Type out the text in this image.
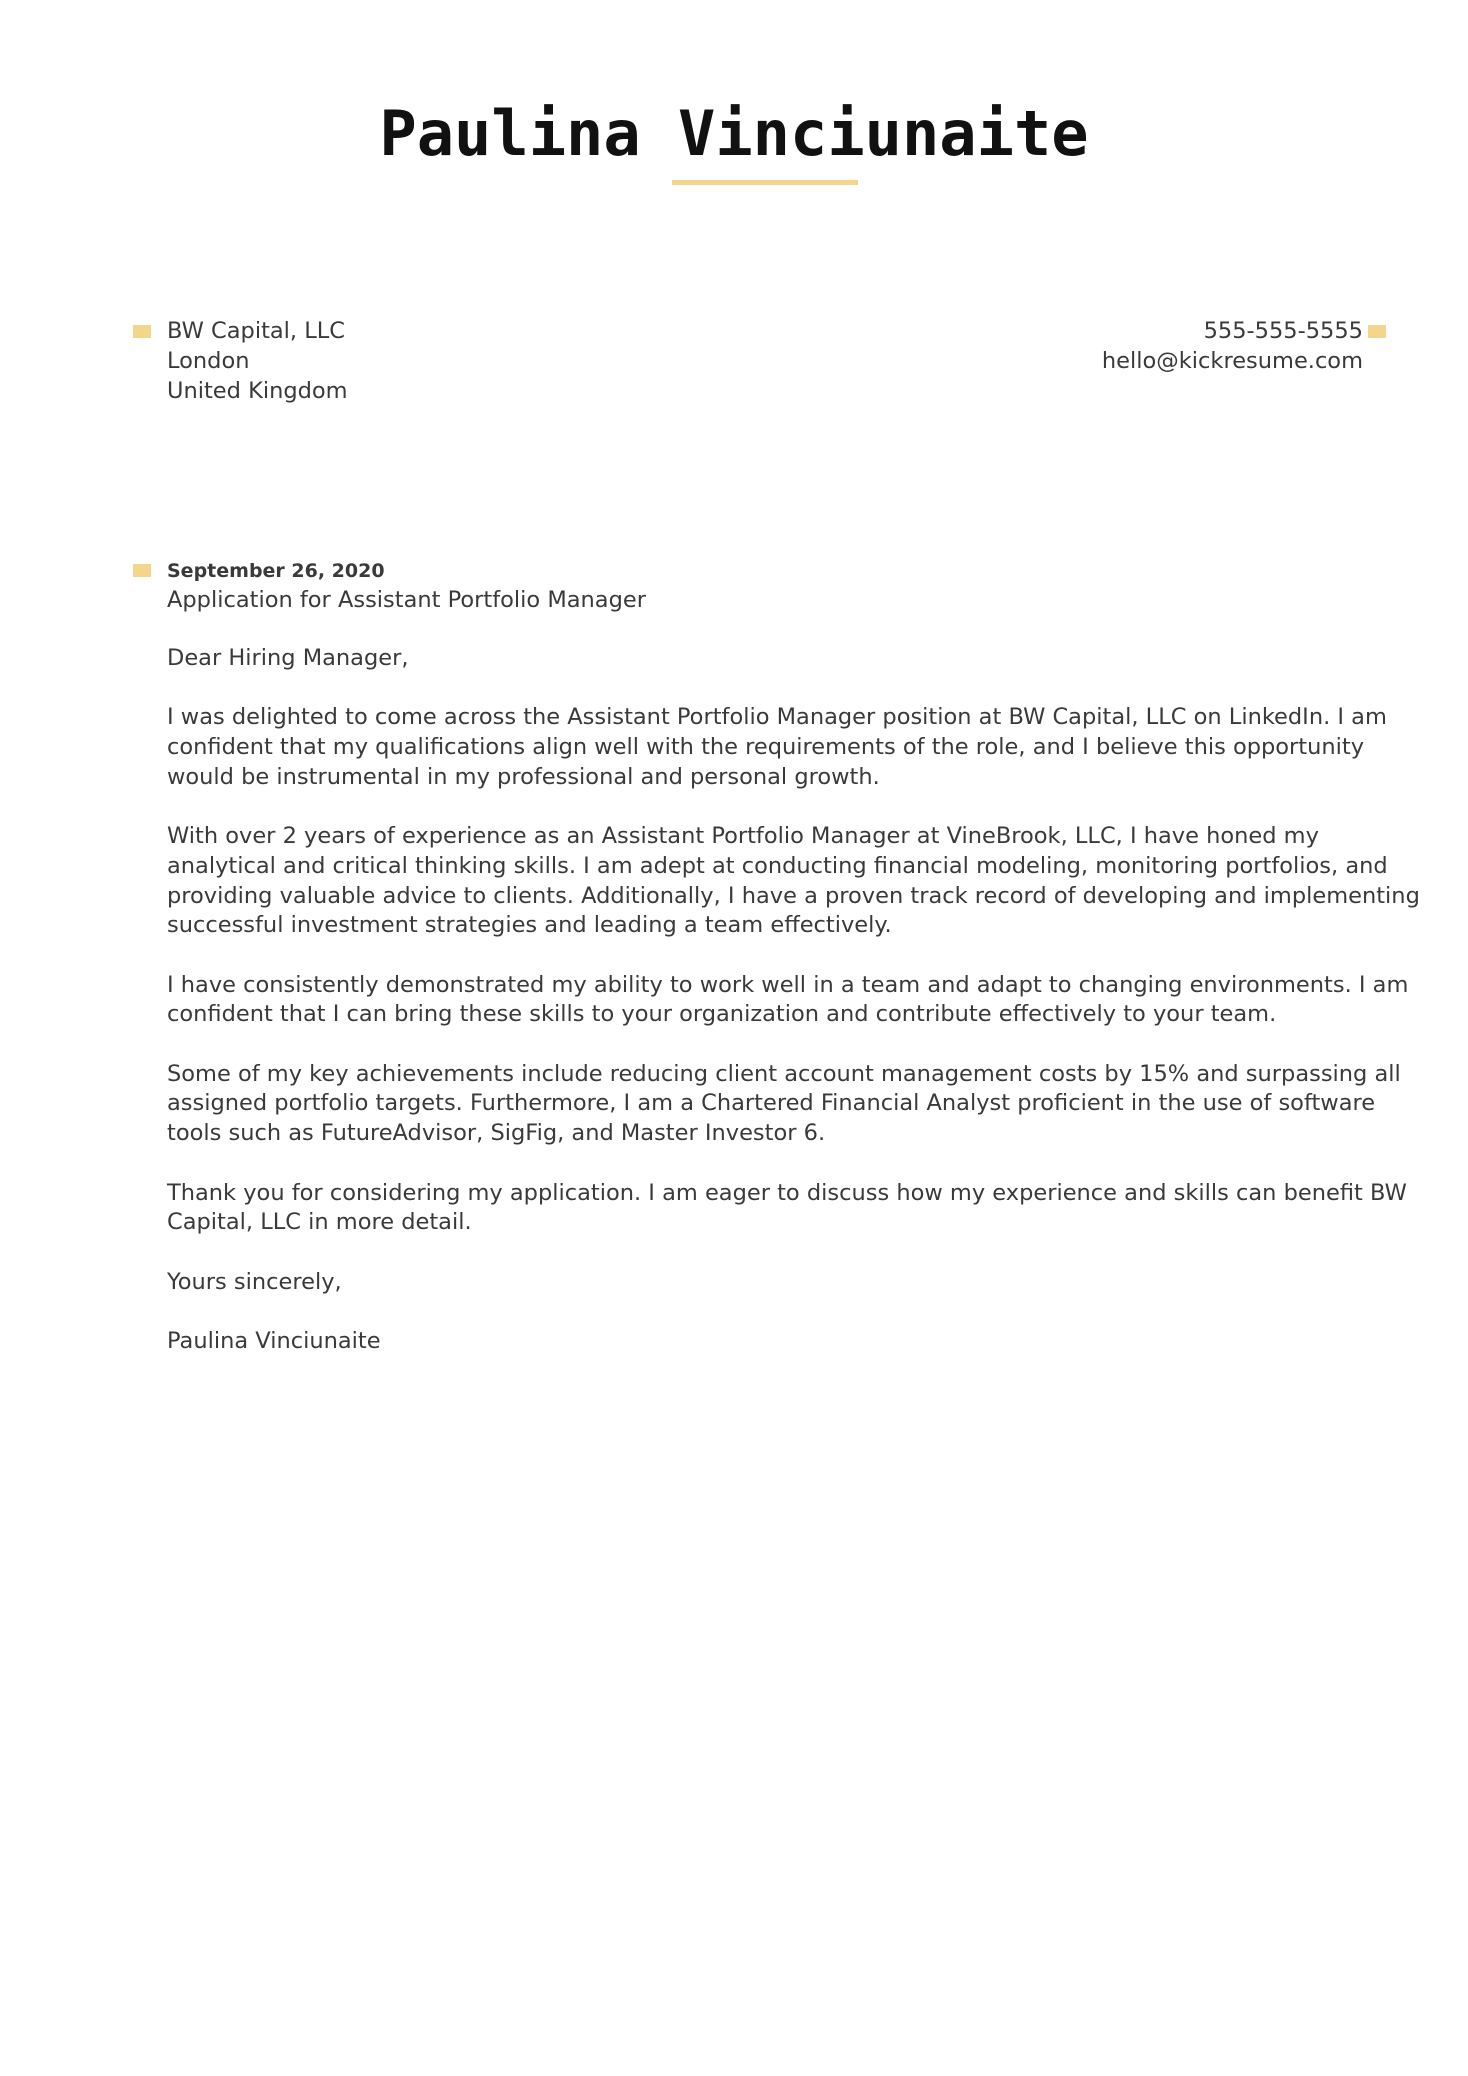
Paulina Vinciunaite
BW Capital, LLC
London
United Kingdom
555-555-5555
hello@kickresume.com
September 26, 2020
Application for Assistant Portfolio Manager

Dear Hiring Manager,

I was delighted to come across the Assistant Portfolio Manager position at BW Capital, LLC on LinkedIn. I am
confident that my qualifications align well with the requirements of the role, and I believe this opportunity
would be instrumental in my professional and personal growth.

With over 2 years of experience as an Assistant Portfolio Manager at VineBrook, LLC, I have honed my
analytical and critical thinking skills. I am adept at conducting financial modeling, monitoring portfolios, and
providing valuable advice to clients. Additionally, I have a proven track record of developing and implementing
successful investment strategies and leading a team effectively.

I have consistently demonstrated my ability to work well in a team and adapt to changing environments. I am
confident that I can bring these skills to your organization and contribute effectively to your team.

Some of my key achievements include reducing client account management costs by 15% and surpassing all
assigned portfolio targets. Furthermore, I am a Chartered Financial Analyst proficient in the use of software
tools such as FutureAdvisor, SigFig, and Master Investor 6.

Thank you for considering my application. I am eager to discuss how my experience and skills can benefit BW
Capital, LLC in more detail.

Yours sincerely,

Paulina Vinciunaite
